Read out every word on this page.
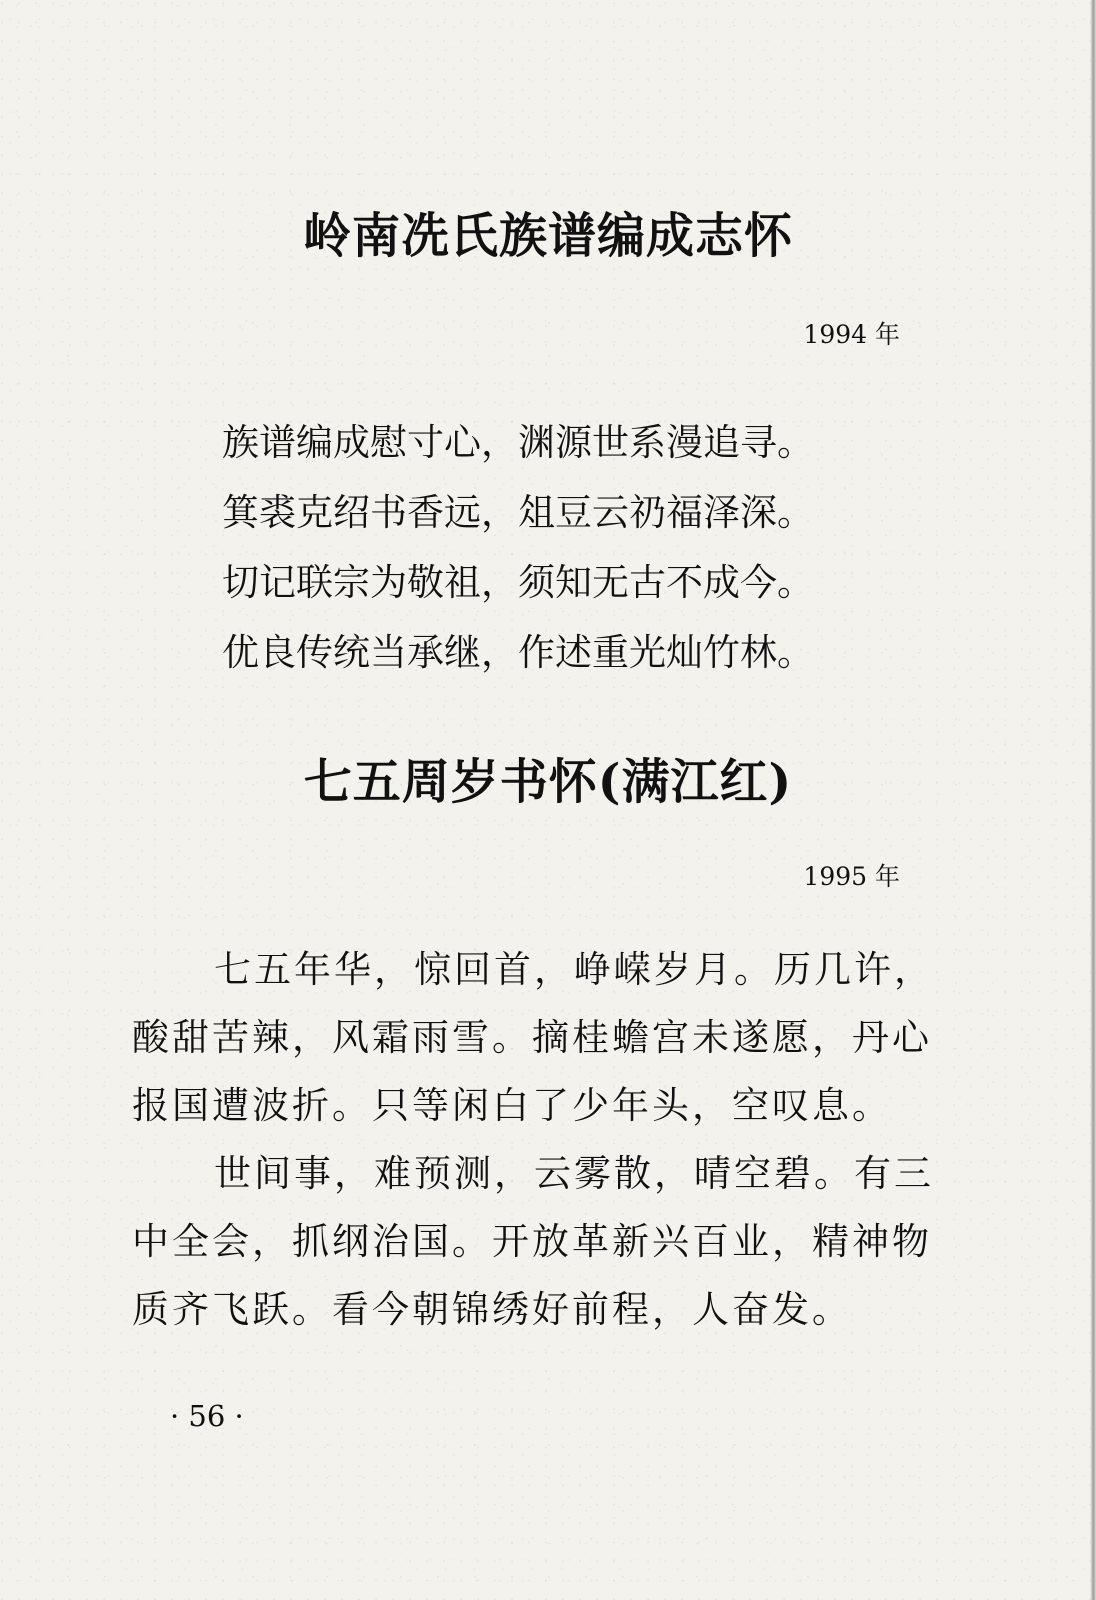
岭南冼氏族谱编成志怀
1994 年
族谱编成慰寸心，渊源世系漫追寻。
箕裘克绍书香远，俎豆云礽福泽深。
切记联宗为敬祖，须知无古不成今。
优良传统当承继，作述重光灿竹林。
七五周岁书怀(满江红)
1995 年

七五年华，惊回首，峥嵘岁月。历几许，酸甜苦辣，风霜雨雪。摘桂蟾宫未遂愿，丹心报国遭波折。只等闲白了少年头，空叹息。

世间事，难预测，云雾散，晴空碧。有三中全会，抓纲治国。开放革新兴百业，精神物质齐飞跃。看今朝锦绣好前程，人奋发。

· 56 ·
